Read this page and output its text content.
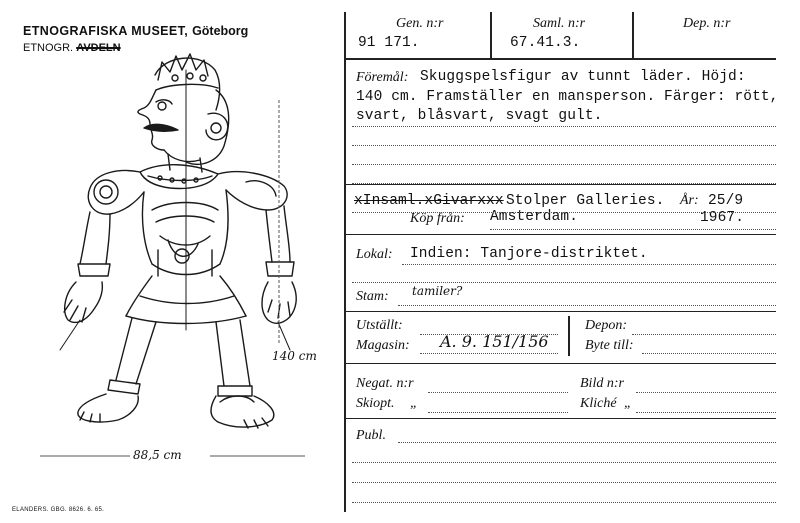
ETNOGRAFISKA MUSEET, Göteborg
ETNOGR. AVDELN
140 cm
88,5 cm
ELANDERS. GBG. 8626. 6. 65.
Gen. n:r	Saml. n:r	Dep. n:r
91 171.	67.41.3.
Föremål: Skuggspelsfigur av tunnt läder. Höjd:
140 cm. Framställer en mansperson. Färger: rött,
svart, blåsvart, svagt gult.
xInsaml.xGivarxxx Stolper Galleries. År: 25/9
Köp från: Amsterdam.	1967.
Lokal: Indien: Tanjore-distriktet.
Stam: tamiler?
Utställt:
Magasin: A. 9. 151/156
Depon:
Byte till:
Negat. n:r	Bild n:r
Skiopt. „	Kliché „
Publ.
